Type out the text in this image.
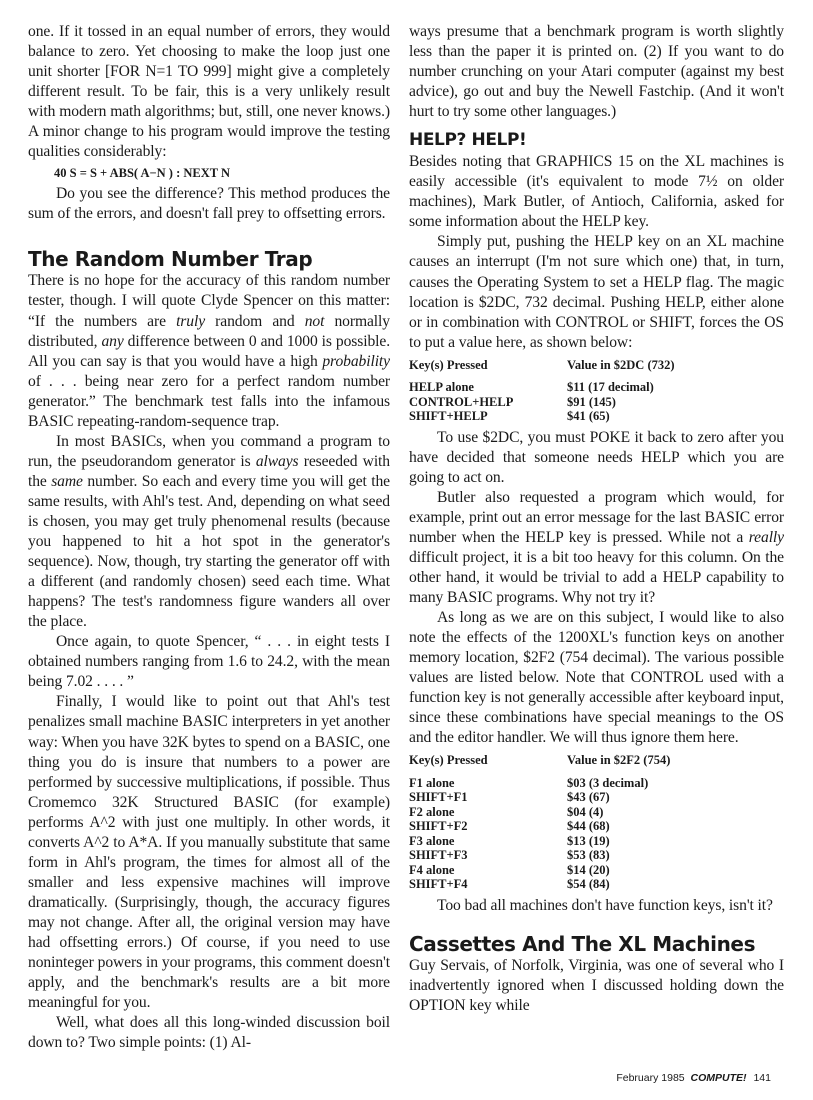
one. If it tossed in an equal number of errors, they would balance to zero. Yet choosing to make the loop just one unit shorter [FOR N=1 TO 999] might give a completely different result. To be fair, this is a very unlikely result with modern math algorithms; but, still, one never knows.) A minor change to his program would improve the testing qualities considerably:

40 S = S + ABS( A−N ) : NEXT N

Do you see the difference? This method produces the sum of the errors, and doesn't fall prey to offsetting errors.

The Random Number Trap

There is no hope for the accuracy of this random number tester, though. I will quote Clyde Spencer on this matter: “If the numbers are truly random and not normally distributed, any difference between 0 and 1000 is possible. All you can say is that you would have a high probability of . . . being near zero for a perfect random number generator.” The benchmark test falls into the infamous BASIC repeating-random-sequence trap.

In most BASICs, when you command a program to run, the pseudorandom generator is always reseeded with the same number. So each and every time you will get the same results, with Ahl's test. And, depending on what seed is chosen, you may get truly phenomenal results (because you happened to hit a hot spot in the generator's sequence). Now, though, try starting the generator off with a different (and randomly chosen) seed each time. What happens? The test's randomness figure wanders all over the place.

Once again, to quote Spencer, “ . . . in eight tests I obtained numbers ranging from 1.6 to 24.2, with the mean being 7.02 . . . . ”

Finally, I would like to point out that Ahl's test penalizes small machine BASIC interpreters in yet another way: When you have 32K bytes to spend on a BASIC, one thing you do is insure that numbers to a power are performed by successive multiplications, if possible. Thus Cromemco 32K Structured BASIC (for example) performs A^2 with just one multiply. In other words, it converts A^2 to A*A. If you manually substitute that same form in Ahl's program, the times for almost all of the smaller and less expensive machines will improve dramatically. (Surprisingly, though, the accuracy figures may not change. After all, the original version may have had offsetting errors.) Of course, if you need to use noninteger powers in your programs, this comment doesn't apply, and the benchmark's results are a bit more meaningful for you.

Well, what does all this long-winded discussion boil down to? Two simple points: (1) Al-

ways presume that a benchmark program is worth slightly less than the paper it is printed on. (2) If you want to do number crunching on your Atari computer (against my best advice), go out and buy the Newell Fastchip. (And it won't hurt to try some other languages.)

HELP? HELP!

Besides noting that GRAPHICS 15 on the XL machines is easily accessible (it's equivalent to mode 7½ on older machines), Mark Butler, of Antioch, California, asked for some information about the HELP key.

Simply put, pushing the HELP key on an XL machine causes an interrupt (I'm not sure which one) that, in turn, causes the Operating System to set a HELP flag. The magic location is $2DC, 732 decimal. Pushing HELP, either alone or in combination with CONTROL or SHIFT, forces the OS to put a value here, as shown below:

Key(s) Pressed	Value in $2DC (732)
HELP alone	$11 (17 decimal)
CONTROL+HELP	$91 (145)
SHIFT+HELP	$41 (65)

To use $2DC, you must POKE it back to zero after you have decided that someone needs HELP which you are going to act on.

Butler also requested a program which would, for example, print out an error message for the last BASIC error number when the HELP key is pressed. While not a really difficult project, it is a bit too heavy for this column. On the other hand, it would be trivial to add a HELP capability to many BASIC programs. Why not try it?

As long as we are on this subject, I would like to also note the effects of the 1200XL's function keys on another memory location, $2F2 (754 decimal). The various possible values are listed below. Note that CONTROL used with a function key is not generally accessible after keyboard input, since these combinations have special meanings to the OS and the editor handler. We will thus ignore them here.

Key(s) Pressed	Value in $2F2 (754)
F1 alone	$03 (3 decimal)
SHIFT+F1	$43 (67)
F2 alone	$04 (4)
SHIFT+F2	$44 (68)
F3 alone	$13 (19)
SHIFT+F3	$53 (83)
F4 alone	$14 (20)
SHIFT+F4	$54 (84)

Too bad all machines don't have function keys, isn't it?

Cassettes And The XL Machines

Guy Servais, of Norfolk, Virginia, was one of several who I inadvertently ignored when I discussed holding down the OPTION key while

February 1985 COMPUTE! 141
